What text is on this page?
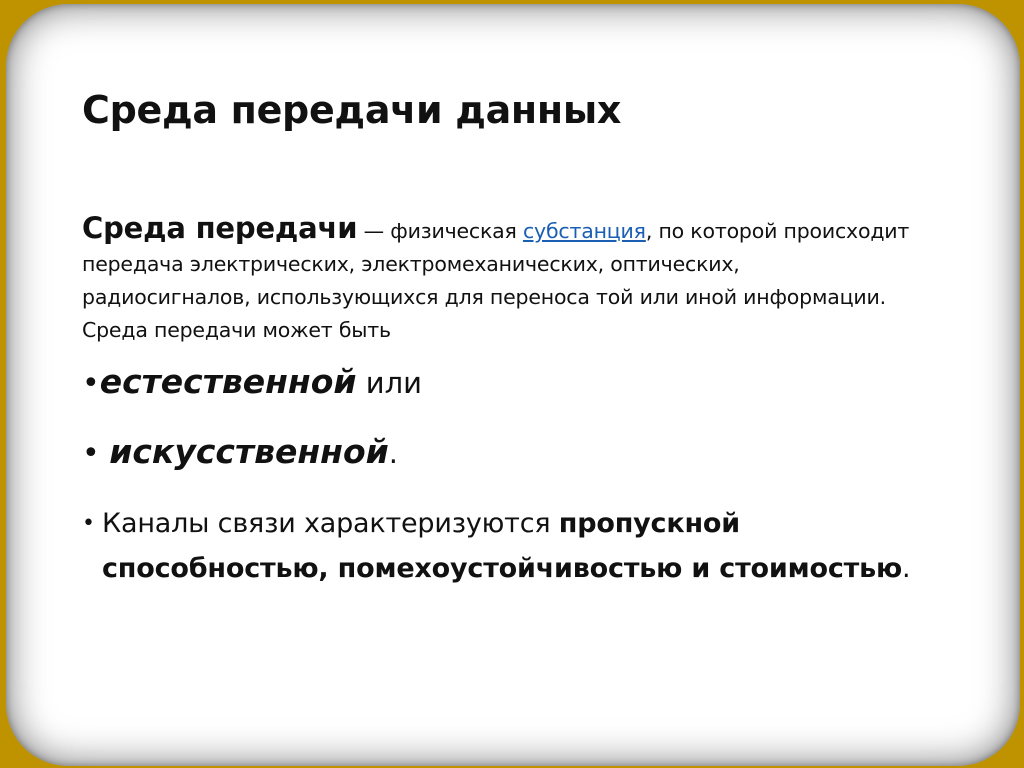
Среда передачи данных

Среда передачи — физическая субстанция, по которой происходит передача электрических, электромеханических, оптических, радиосигналов, использующихся для переноса той или иной информации. Среда передачи может быть

•естественной или

• искусственной.

• Каналы связи характеризуются пропускной способностью, помехоустойчивостью и стоимостью.
